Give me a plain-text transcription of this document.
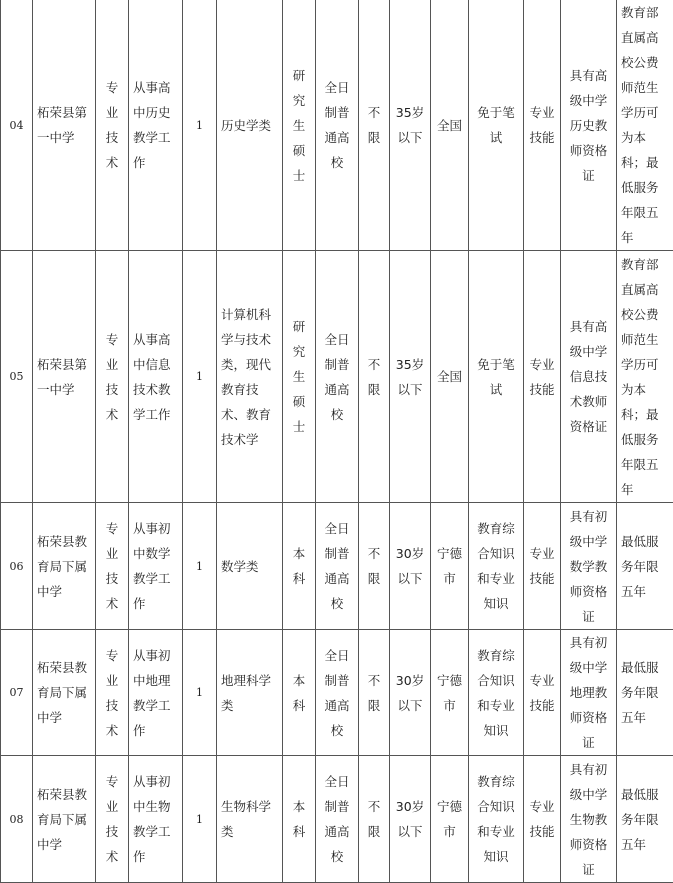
04	柘荣县第一中学	专业技术	从事高中历史教学工作	1	历史学类	研究生硕士	全日制普通高校	不限	35岁以下	全国	免于笔试	专业技能	具有高级中学历史教师资格证	教育部直属高校公费师范生学历可为本科；最低服务年限五年
05	柘荣县第一中学	专业技术	从事高中信息技术教学工作	1	计算机科学与技术类，现代教育技术、教育技术学	研究生硕士	全日制普通高校	不限	35岁以下	全国	免于笔试	专业技能	具有高级中学信息技术教师资格证	教育部直属高校公费师范生学历可为本科；最低服务年限五年
06	柘荣县教育局下属中学	专业技术	从事初中数学教学工作	1	数学类	本科	全日制普通高校	不限	30岁以下	宁德市	教育综合知识和专业知识	专业技能	具有初级中学数学教师资格证	最低服务年限五年
07	柘荣县教育局下属中学	专业技术	从事初中地理教学工作	1	地理科学类	本科	全日制普通高校	不限	30岁以下	宁德市	教育综合知识和专业知识	专业技能	具有初级中学地理教师资格证	最低服务年限五年
08	柘荣县教育局下属中学	专业技术	从事初中生物教学工作	1	生物科学类	本科	全日制普通高校	不限	30岁以下	宁德市	教育综合知识和专业知识	专业技能	具有初级中学生物教师资格证	最低服务年限五年
